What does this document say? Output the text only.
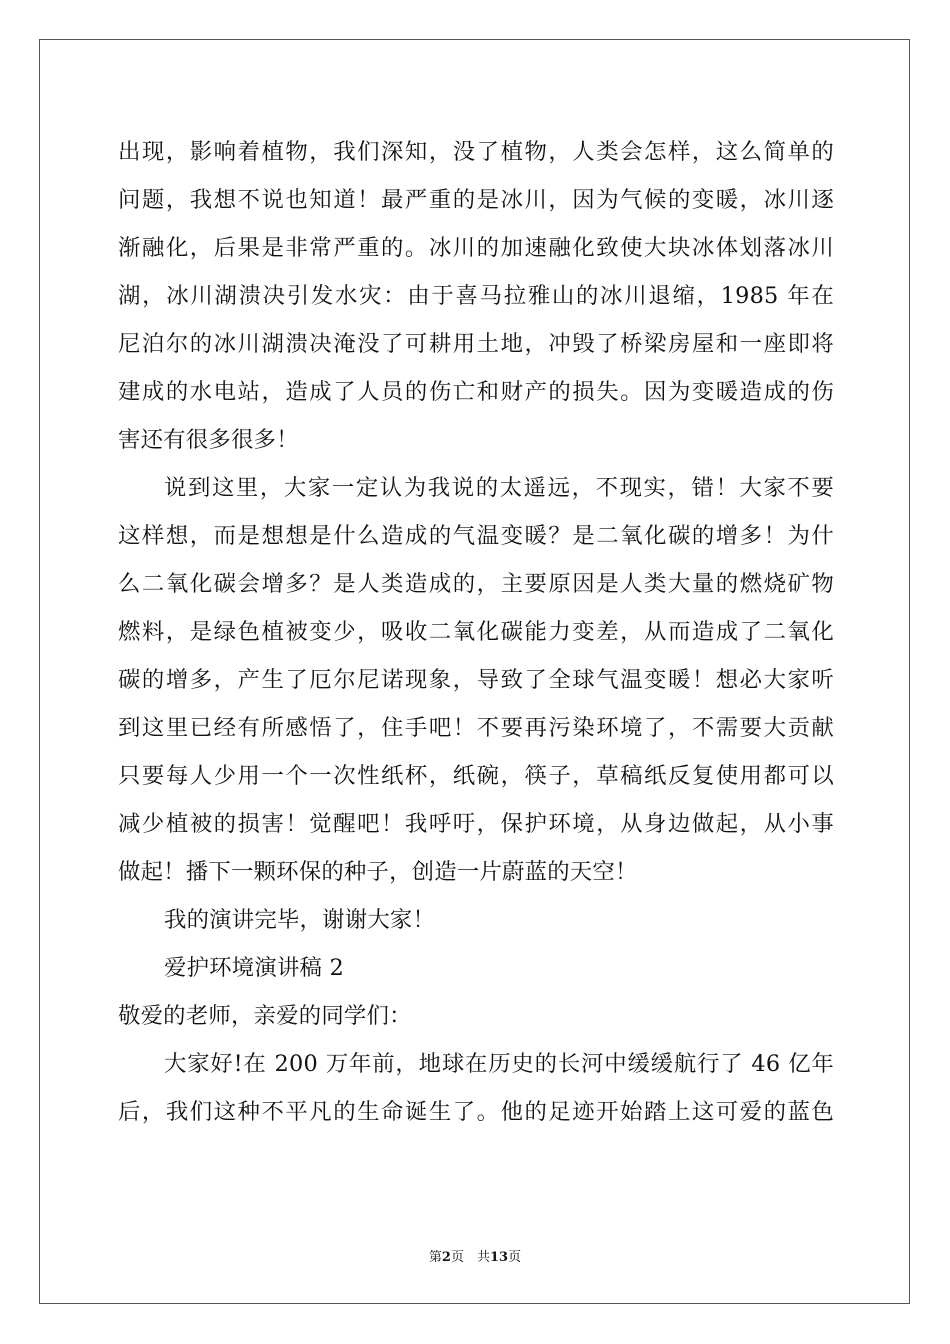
出现，影响着植物，我们深知，没了植物，人类会怎样，这么简单的
问题，我想不说也知道！最严重的是冰川，因为气候的变暖，冰川逐
渐融化，后果是非常严重的。冰川的加速融化致使大块冰体划落冰川
湖，冰川湖溃决引发水灾：由于喜马拉雅山的冰川退缩，1985 年在
尼泊尔的冰川湖溃决淹没了可耕用土地，冲毁了桥梁房屋和一座即将
建成的水电站，造成了人员的伤亡和财产的损失。因为变暖造成的伤
害还有很多很多！
说到这里，大家一定认为我说的太遥远，不现实，错！大家不要
这样想，而是想想是什么造成的气温变暖？是二氧化碳的增多！为什
么二氧化碳会增多？是人类造成的，主要原因是人类大量的燃烧矿物
燃料，是绿色植被变少，吸收二氧化碳能力变差，从而造成了二氧化
碳的增多，产生了厄尔尼诺现象，导致了全球气温变暖！想必大家听
到这里已经有所感悟了，住手吧！不要再污染环境了，不需要大贡献
只要每人少用一个一次性纸杯，纸碗，筷子，草稿纸反复使用都可以
减少植被的损害！觉醒吧！我呼吁，保护环境，从身边做起，从小事
做起！播下一颗环保的种子，创造一片蔚蓝的天空！
我的演讲完毕，谢谢大家！
爱护环境演讲稿 2
敬爱的老师，亲爱的同学们：
大家好!在 200 万年前，地球在历史的长河中缓缓航行了 46 亿年
后，我们这种不平凡的生命诞生了。他的足迹开始踏上这可爱的蓝色
第2页　共13页
